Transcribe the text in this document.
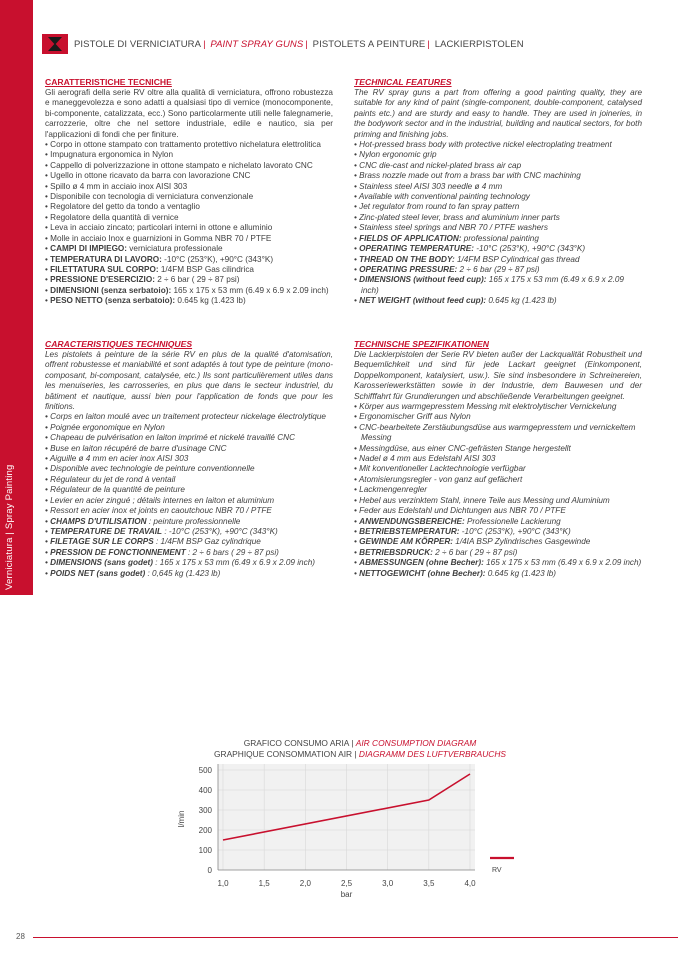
Verniciatura | Spray Painting
PISTOLE DI VERNICIATURA | PAINT SPRAY GUNS | PISTOLETS A PEINTURE | LACKIERPISTOLEN
CARATTERISTICHE TECNICHE

Gli aerografi della serie RV oltre alla qualità di verniciatura, offrono robustezza e maneggevolezza e sono adatti a qualsiasi tipo di vernice (monocomponente, bi-componente, catalizzata, ecc.) Sono particolarmente utili nelle falegnamerie, carrozzerie, oltre che nel settore industriale, edile e nautico, sia per l'applicazioni di fondi che per finiture.

• Corpo in ottone stampato con trattamento protettivo nichelatura elettrolitica
• Impugnatura ergonomica in Nylon
• Cappello di polverizzazione in ottone stampato e nichelato lavorato CNC
• Ugello in ottone ricavato da barra con lavorazione CNC
• Spillo ø 4 mm in acciaio inox AISI 303
• Disponibile con tecnologia di verniciatura convenzionale
• Regolatore del getto da tondo a ventaglio
• Regolatore della quantità di vernice
• Leva in acciaio zincato; particolari interni in ottone e alluminio
• Molle in acciaio Inox e guarnizioni in Gomma NBR 70 / PTFE
• CAMPI DI IMPIEGO: verniciatura professionale
• TEMPERATURA DI LAVORO: -10°C (253°K), +90°C (343°K)
• FILETTATURA SUL CORPO: 1/4FM BSP Gas cilindrica
• PRESSIONE D'ESERCIZIO: 2 ÷ 6 bar ( 29 ÷ 87 psi)
• DIMENSIONI (senza serbatoio): 165 x 175 x 53 mm (6.49 x 6.9 x 2.09 inch)
• PESO NETTO (senza serbatoio): 0.645 kg (1.423 lb)
TECHNICAL FEATURES

The RV spray guns a part from offering a good painting quality, they are suitable for any kind of paint (single-component, double-component, catalysed paints etc.) and are sturdy and easy to handle. They are used in joineries, in the bodywork sector and in the industrial, building and nautical sectors, for both priming and finishing jobs.

• Hot-pressed brass body with protective nickel electroplating treatment
• Nylon ergonomic grip
• CNC die-cast and nickel-plated brass air cap
• Brass nozzle made out from a brass bar with CNC machining
• Stainless steel AISI 303 needle ø 4 mm
• Available with conventional painting technology
• Jet regulator from round to fan spray pattern
• Zinc-plated steel lever, brass and aluminium inner parts
• Stainless steel springs and NBR 70 / PTFE washers
• FIELDS OF APPLICATION: professional painting
• OPERATING TEMPERATURE: -10°C (253°K), +90°C (343°K)
• THREAD ON THE BODY: 1/4FM BSP Cylindrical gas thread
• OPERATING PRESSURE: 2 ÷ 6 bar (29 ÷ 87 psi)
• DIMENSIONS (without feed cup): 165 x 175 x 53 mm (6.49 x 6.9 x 2.09 inch)
• NET WEIGHT (without feed cup): 0.645 kg (1.423 lb)
CARACTERISTIQUES TECHNIQUES

Les pistolets à peinture de la série RV en plus de la qualité d'atomisation, offrent robustesse et maniabilité et sont adaptés à tout type de peinture (mono-composant, bi-composant, catalysée, etc.) Ils sont particulièrement utiles dans les menuiseries, les carrosseries, en plus que dans le secteur industriel, du bâtiment et nautique, aussi bien pour l'application de fonds que pour les finitions.

• Corps en laiton moulé avec un traitement protecteur nickelage électrolytique
• Poignée ergonomique en Nylon
• Chapeau de pulvérisation en laiton imprimé et nickelé travaillé CNC
• Buse en laiton récupéré de barre d'usinage CNC
• Aiguille ø 4 mm en acier inox AISI 303
• Disponible avec technologie de peinture conventionnelle
• Régulateur du jet de rond à ventail
• Régulateur de la quantité de peinture
• Levier en acier zingué ; détails internes en laiton et aluminium
• Ressort en acier inox et joints en caoutchouc NBR 70 / PTFE
• CHAMPS D'UTILISATION : peinture professionnelle
• TEMPERATURE DE TRAVAIL : -10°C (253°K), +90°C (343°K)
• FILETAGE SUR LE CORPS : 1/4FM BSP Gaz cylindrique
• PRESSION DE FONCTIONNEMENT : 2 ÷ 6 bars ( 29 ÷ 87 psi)
• DIMENSIONS (sans godet) : 165 x 175 x 53 mm (6.49 x 6.9 x 2.09 inch)
• POIDS NET (sans godet) : 0,645 kg (1.423 lb)
TECHNISCHE SPEZIFIKATIONEN

Die Lackierpistolen der Serie RV bieten außer der Lackqualität Robustheit und Bequemlichkeit und sind für jede Lackart geeignet (Einkomponent, Doppelkomponent, katalysiert, usw.). Sie sind insbesondere in Schreinereien, Karosseriewerkstätten sowie in der Industrie, dem Bauwesen und der Schifffahrt für Grundierungen und abschließende Verarbeitungen geeignet.

• Körper aus warmgepresstem Messing mit elektrolytischer Vernickelung
• Ergonomischer Griff aus Nylon
• CNC-bearbeitete Zerstäubungsdüse aus warmgepresstem und vernickeltem Messing
• Messingdüse, aus einer CNC-gefrästen Stange hergestellt
• Nadel ø 4 mm aus Edelstahl AISI 303
• Mit konventioneller Lacktechnologie verfügbar
• Atomisierungsregler - von ganz auf gefächert
• Lackmengenregler
• Hebel aus verzinktem Stahl, innere Teile aus Messing und Aluminium
• Feder aus Edelstahl und Dichtungen aus NBR 70 / PTFE
• ANWENDUNGSBEREICHE: Professionelle Lackierung
• BETRIEBSTEMPERATUR: -10°C (253°K), +90°C (343°K)
• GEWINDE AM KÖRPER: 1/4IA BSP Zylindrisches Gasgewinde
• BETRIEBSDRUCK: 2 ÷ 6 bar ( 29 ÷ 87 psi)
• ABMESSUNGEN (ohne Becher): 165 x 175 x 53 mm (6.49 x 6.9 x 2.09 inch)
• NETTOGEWICHT (ohne Becher): 0.645 kg (1.423 lb)
GRAFICO CONSUMO ARIA | AIR CONSUMPTION DIAGRAM
GRAPHIQUE CONSOMMATION AIR | DIAGRAMM DES LUFTVERBRAUCHS
0
100
200
300
400
500
1,0	1,5	2,0	2,5	3,0	3,5	4,0
l/min
bar
RV
28
